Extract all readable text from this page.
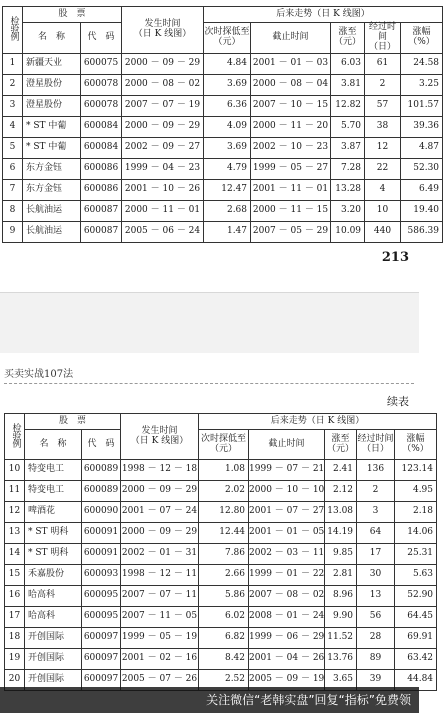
检验例	股　票		发生时间
（日 K 线图）	后来走势（日 K 线图）				
	名　称	代　码		次时探低至
（元）	截止时间	涨至
（元）	经过时间
（日）	涨幅
（%）
1	新疆天业	600075	2000 － 09 － 29	4.84	2001 － 01 － 03	6.03	61	24.58
2	澄星股份	600078	2000 － 08 － 02	3.69	2000 － 08 － 04	3.81	2	3.25
3	澄星股份	600078	2007 － 07 － 19	6.36	2007 － 10 － 15	12.82	57	101.57
4	* ST 中葡	600084	2000 － 09 － 29	4.09	2000 － 11 － 20	5.70	38	39.36
5	* ST 中葡	600084	2002 － 09 － 27	3.69	2002 － 10 － 23	3.87	12	4.87
6	东方金钰	600086	1999 － 04 － 23	4.79	1999 － 05 － 27	7.28	22	52.30
7	东方金钰	600086	2001 － 10 － 26	12.47	2001 － 11 － 01	13.28	4	6.49
8	长航油运	600087	2000 － 11 － 01	2.68	2000 － 11 － 15	3.20	10	19.40
9	长航油运	600087	2005 － 06 － 24	1.47	2007 － 05 － 29	10.09	440	586.39
213
买卖实战107法
续表
检验例	股　票		发生时间
（日 K 线图）	后来走势（日 K 线图）				
	名　称	代　码		次时探低至
（元）	截止时间	涨至
（元）	经过时间
（日）	涨幅
（%）
10	特变电工	600089	1998 － 12 － 18	1.08	1999 － 07 － 21	2.41	136	123.14
11	特变电工	600089	2000 － 09 － 29	2.02	2000 － 10 － 10	2.12	2	4.95
12	啤酒花	600090	2001 － 07 － 24	12.80	2001 － 07 － 27	13.08	3	2.18
13	* ST 明科	600091	2000 － 09 － 29	12.44	2001 － 01 － 05	14.19	64	14.06
14	* ST 明科	600091	2002 － 01 － 31	7.86	2002 － 03 － 11	9.85	17	25.31
15	禾嘉股份	600093	1998 － 12 － 11	2.66	1999 － 01 － 22	2.81	30	5.63
16	哈高科	600095	2007 － 07 － 11	5.86	2007 － 08 － 02	8.96	13	52.90
17	哈高科	600095	2007 － 11 － 05	6.02	2008 － 01 － 24	9.90	56	64.45
18	开创国际	600097	1999 － 05 － 19	6.82	1999 － 06 － 29	11.52	28	69.91
19	开创国际	600097	2001 － 02 － 16	8.42	2001 － 04 － 26	13.76	89	63.42
20	开创国际	600097	2005 － 07 － 26	2.52	2005 － 09 － 19	3.65	39	44.84
关注微信“老韩实盘”回复“指标”免费领
